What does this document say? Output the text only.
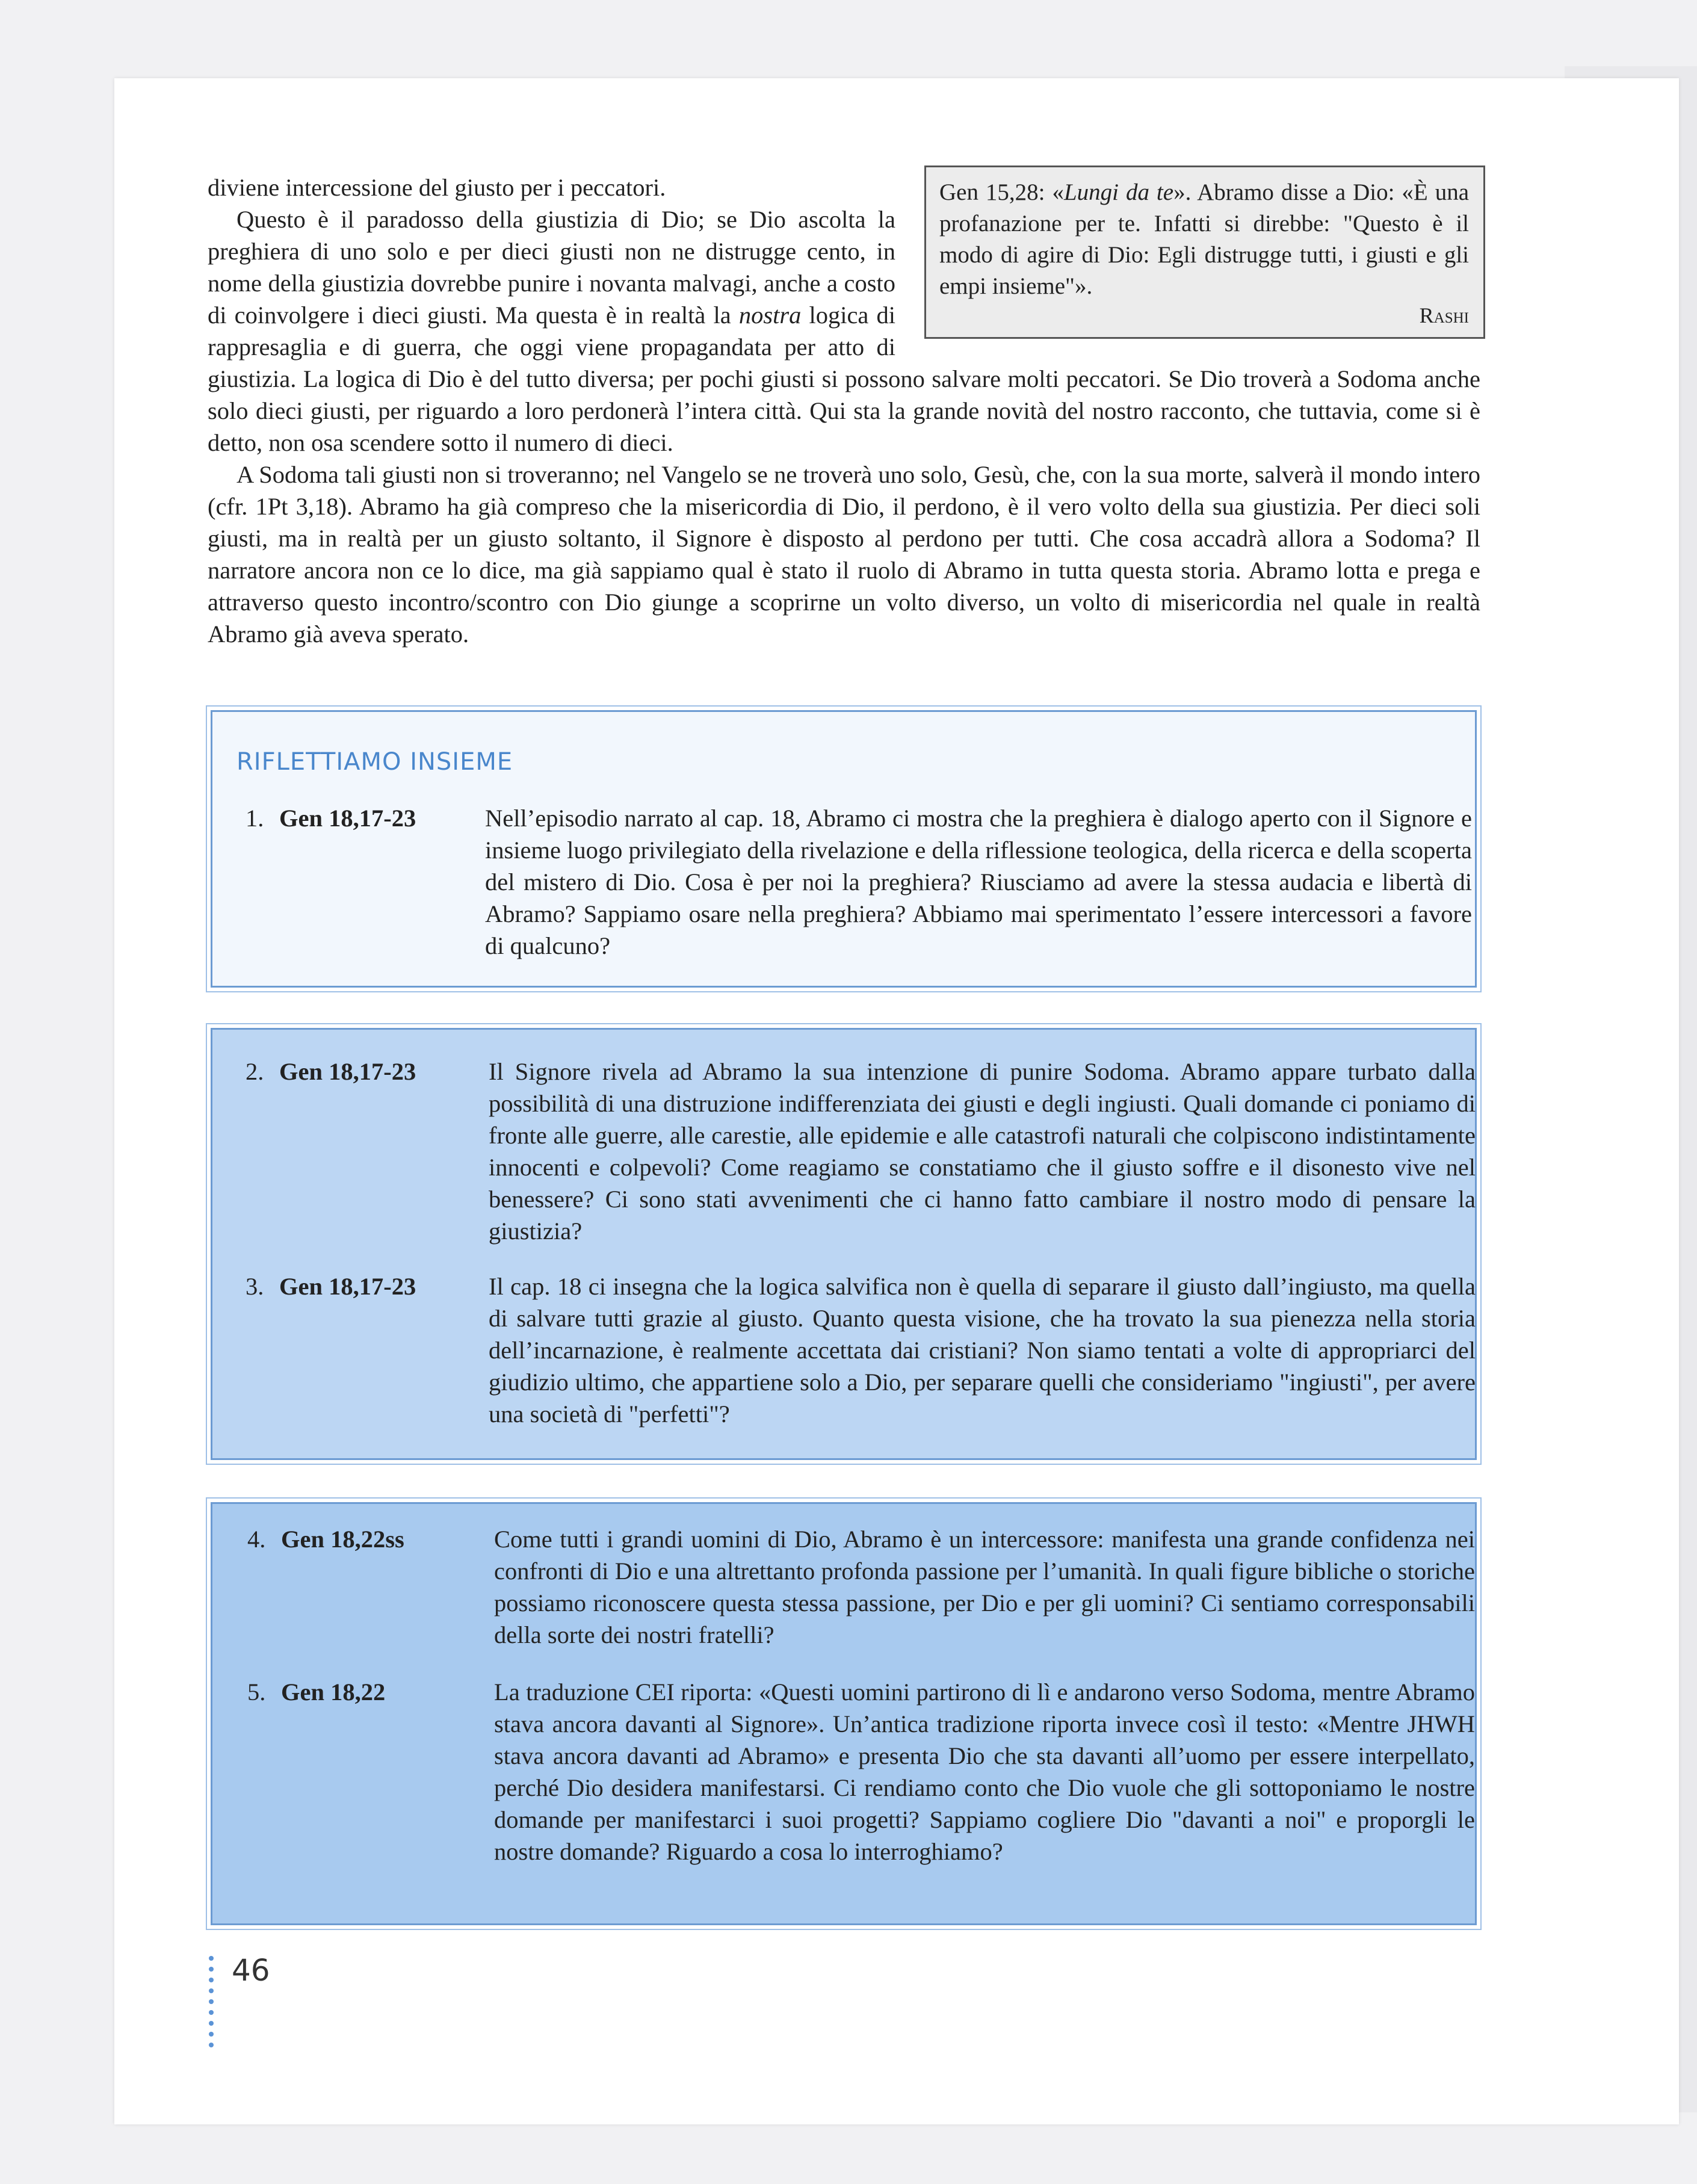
Gen 15,28: «Lungi da te». Abramo disse a Dio: «È una profanazione per te. Infatti si direbbe: "Questo è il modo di agire di Dio: Egli distrugge tutti, i giusti e gli empi insieme"».
Rashi

diviene intercessione del giusto per i peccatori.

Questo è il paradosso della giustizia di Dio; se Dio ascolta la preghiera di uno solo e per dieci giusti non ne distrugge cento, in nome della giustizia dovrebbe punire i novanta malvagi, anche a costo di coinvolgere i dieci giusti. Ma questa è in realtà la nostra logica di rappresaglia e di guerra, che oggi viene propagandata per atto di giustizia. La logica di Dio è del tutto diversa; per pochi giusti si possono salvare molti peccatori. Se Dio troverà a Sodoma anche solo dieci giusti, per riguardo a loro perdonerà l’intera città. Qui sta la grande novità del nostro racconto, che tuttavia, come si è detto, non osa scendere sotto il numero di dieci.

A Sodoma tali giusti non si troveranno; nel Vangelo se ne troverà uno solo, Gesù, che, con la sua morte, salverà il mondo intero (cfr. 1Pt 3,18). Abramo ha già compreso che la misericordia di Dio, il perdono, è il vero volto della sua giustizia. Per dieci soli giusti, ma in realtà per un giusto soltanto, il Signore è disposto al perdono per tutti. Che cosa accadrà allora a Sodoma? Il narratore ancora non ce lo dice, ma già sappiamo qual è stato il ruolo di Abramo in tutta questa storia. Abramo lotta e prega e attraverso questo incontro/scontro con Dio giunge a scoprirne un volto diverso, un volto di misericordia nel quale in realtà Abramo già aveva sperato.

RIFLETTIAMO INSIEME
1. Gen 18,17-23	Nell’episodio narrato al cap. 18, Abramo ci mostra che la preghiera è dialogo aperto con il Signore e insieme luogo privilegiato della rivelazione e della riflessione teologica, della ricerca e della scoperta del mistero di Dio. Cosa è per noi la preghiera? Riusciamo ad avere la stessa audacia e libertà di Abramo? Sappiamo osare nella preghiera? Abbiamo mai sperimentato l’essere intercessori a favore di qualcuno?
2. Gen 18,17-23	Il Signore rivela ad Abramo la sua intenzione di punire Sodoma. Abramo appare turbato dalla possibilità di una distruzione indifferenziata dei giusti e degli ingiusti. Quali domande ci poniamo di fronte alle guerre, alle carestie, alle epidemie e alle catastrofi naturali che colpiscono indistintamente innocenti e colpevoli? Come reagiamo se constatiamo che il giusto soffre e il disonesto vive nel benessere? Ci sono stati avvenimenti che ci hanno fatto cambiare il nostro modo di pensare la giustizia?
3. Gen 18,17-23	Il cap. 18 ci insegna che la logica salvifica non è quella di separare il giusto dall’ingiusto, ma quella di salvare tutti grazie al giusto. Quanto questa visione, che ha trovato la sua pienezza nella storia dell’incarnazione, è realmente accettata dai cristiani? Non siamo tentati a volte di appropriarci del giudizio ultimo, che appartiene solo a Dio, per separare quelli che consideriamo "ingiusti", per avere una società di "perfetti"?
4. Gen 18,22ss	Come tutti i grandi uomini di Dio, Abramo è un intercessore: manifesta una grande confidenza nei confronti di Dio e una altrettanto profonda passione per l’umanità. In quali figure bibliche o storiche possiamo riconoscere questa stessa passione, per Dio e per gli uomini? Ci sentiamo corresponsabili della sorte dei nostri fratelli?
5. Gen 18,22	La traduzione CEI riporta: «Questi uomini partirono di lì e andarono verso Sodoma, mentre Abramo stava ancora davanti al Signore». Un’antica tradizione riporta invece così il testo: «Mentre JHWH stava ancora davanti ad Abramo» e presenta Dio che sta davanti all’uomo per essere interpellato, perché Dio desidera manifestarsi. Ci rendiamo conto che Dio vuole che gli sottoponiamo le nostre domande per manifestarci i suoi progetti? Sappiamo cogliere Dio "davanti a noi" e proporgli le nostre domande? Riguardo a cosa lo interroghiamo?
46
